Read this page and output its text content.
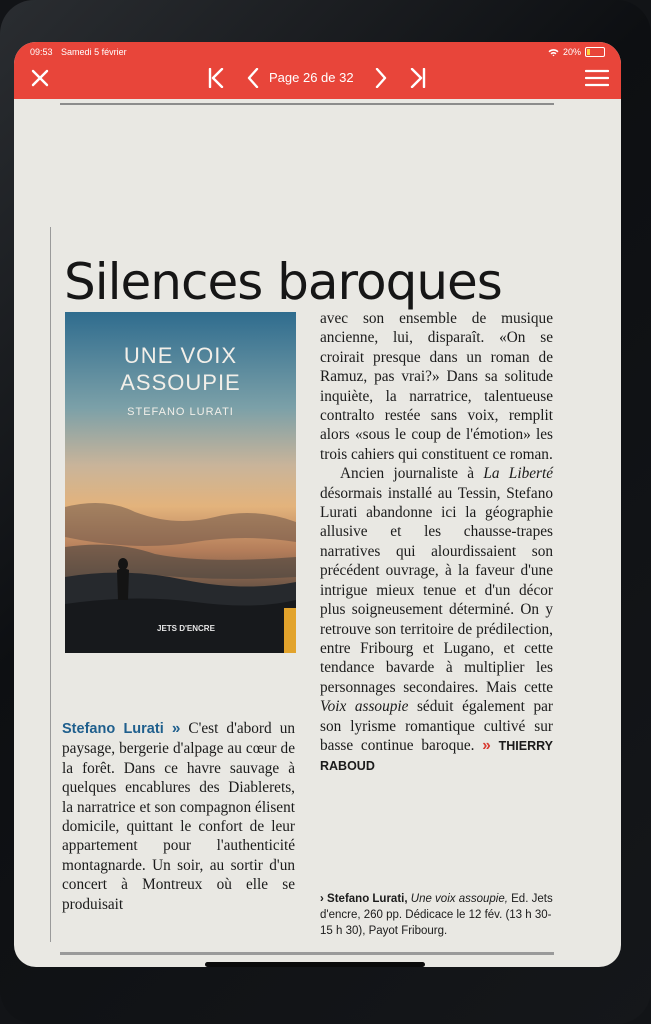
09:53 Samedi 5 février	20%
Page 26 de 32
Silences baroques
UNE VOIX
ASSOUPIE
STEFANO LURATI
JETS D'ENCRE
Stefano Lurati » C'est d'abord un paysage, bergerie d'alpage au cœur de la forêt. Dans ce havre sauvage à quelques encablures des Diablerets, la narratrice et son compagnon élisent domicile, quittant le confort de leur appartement pour l'authenticité montagnarde. Un soir, au sortir d'un concert à Montreux où elle se produisait
avec son ensemble de musique ancienne, lui, disparaît. «On se croirait presque dans un roman de Ramuz, pas vrai?» Dans sa solitude inquiète, la narratrice, talentueuse contralto restée sans voix, remplit alors «sous le coup de l'émotion» les trois cahiers qui constituent ce roman.
Ancien journaliste à La Liberté désormais installé au Tessin, Stefano Lurati abandonne ici la géographie allusive et les chausse-trapes narratives qui alourdissaient son précédent ouvrage, à la faveur d'une intrigue mieux tenue et d'un décor plus soigneusement déterminé. On y retrouve son territoire de prédilection, entre Fribourg et Lugano, et cette tendance bavarde à multiplier les personnages secondaires. Mais cette Voix assoupie séduit également par son lyrisme romantique cultivé sur basse continue baroque. » THIERRY RABOUD
› Stefano Lurati, Une voix assoupie, Ed. Jets d'encre, 260 pp. Dédicace le 12 fév. (13 h 30-15 h 30), Payot Fribourg.
